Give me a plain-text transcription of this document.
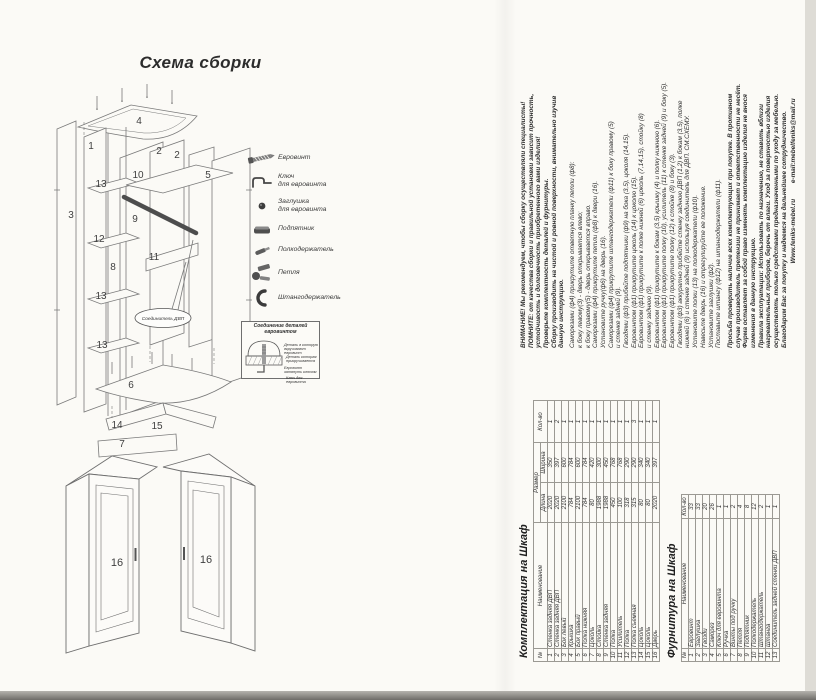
Схема сборки
4
1	2 2
5
10
13
3	9
12
8
11
13
13
6
14	15
7
16	16
Соединитель ДВП
Евровинт
Ключ
для евровинта
Заглушка
для евровинта
Подпятник
Полкодержатель
Петля
Штангодержатель
Соединение деталей евровинтом
Деталь в которую вкручивают евровинт
Деталь которая прикручивается
Евровинт затянуть ключом
Ключ для евровинта
Комплектация на Шкаф №	Наименование	Размер		Кол-во
		Длина	Ширина	
1	Стенка задняя ДВП	2020	350	1
2	Стенка задняя ДВП	2020	397	2
3	Бок левый	2100	600	1
4	Крышка	784	784	1
5	Бок правый	2100	600	1
6	Полка нижняя	784	784	1
7	Цоколь	80	420	1
8	Стойка	1988	300	1
9	Стенка задняя	1988	450	1
10	Полка	450	768	1
11	Усилитель	100	768	1
12	Полка	318	290	1
13	Полка съемная	315	290	3
14	Цоколь	80	340	1
15	Цоколь	80	340	1
16	Дверь	2020	397	1
Фурнитура на Шкаф №	Наименование	Кол-во
1	Евровинт	33
2	Заглушка	33
3	Гвозди	20
4	Саморез	26
5	Ключ для евровинта	1
6	Ручка	1
7	Винты под ручку	2
8	Петля	4
9	Подпятник	8
10	Полкодержатель	12
11	Штангодержатель	2
12	Штанга	1
13	Соединитель задней стенки ДВП	1
ВНИМАНИЕ! Мы рекомендуем, чтобы сборку осуществляли специалисты! ПОМНИТЕ: от качества сборки и правильной установки зависит прочность, устойчивость и долговечность приобретенного вами изделия! Проверьте комплектность деталей и фурнитуры. Сборку производить на чистой и ровной поверхности, внимательно изучив данную инструкцию. Саморезами (ф4) прикрутите ответную планку петли (ф8): к боку левому(3) - дверь открывается влево; к боку правому(5) - дверь открывается вправо. Саморезами (ф4) прикрутите петли (ф8) к двери (16). Установите ручку(ф6) на дверь (16). Саморезами (ф4) прикрутите штангодержатели (ф11) к боку правому (5) и стенке задней (9). Гвоздями (ф3) прибейте подпятники (ф9) на бока (3,5), цоколя (14,15). Евровинтом (ф1) прикрутите цоколь (14) к цоколю (15). Евровинтом (ф1) прикрутите к полке нижней (6) цоколь (7,14,15), стойку (8) и стенку заднюю (9). Евровинтом (ф1) прикрутите к бокам (3,5) крышку (4) и полку нижнюю (6). Евровинтом (ф1) прикрутите полку (10), усилитель (11) к стенке задней (9) и боку (5). Евровинтом (ф1) прикрутите полку (12) к стойке (8) и боку (3). Гвоздями (ф3) аккуратно прибейте стенку заднюю ДВП (1,2) к бокам (3,5), полке нижней (6) и стенке задней (9) используя соединитель для ДВП. СМ.СХЕМУ. Установите полки (13) на полкодержатели (ф10). Навесьте дверь (16) и отрегулируйте ее положение. Установите заглушки (ф2). Поставьте штангу (ф12) на штангодержатели (ф11). Просьба проверить наличие всех комплектующих при покупке. В противном случае производитель претензии не принимает и ответственности не несёт. Фирма оставляет за собой право изменять комплектацию изделия не внося изменения в данную инструкцию. Правила эксплуатации: Использовать по назначению, не ставить вблизи нагревательных приборов, беречь от влаги. Уход за поверхностью изделия осуществлять только средствами предназначенными по уходу за мебелью. Благодарим Вас за покупку и надеемся на дальнейшее сотрудничество. Www.feniks-mebel.ru e-mail:mebelfeniks@mail.ru
